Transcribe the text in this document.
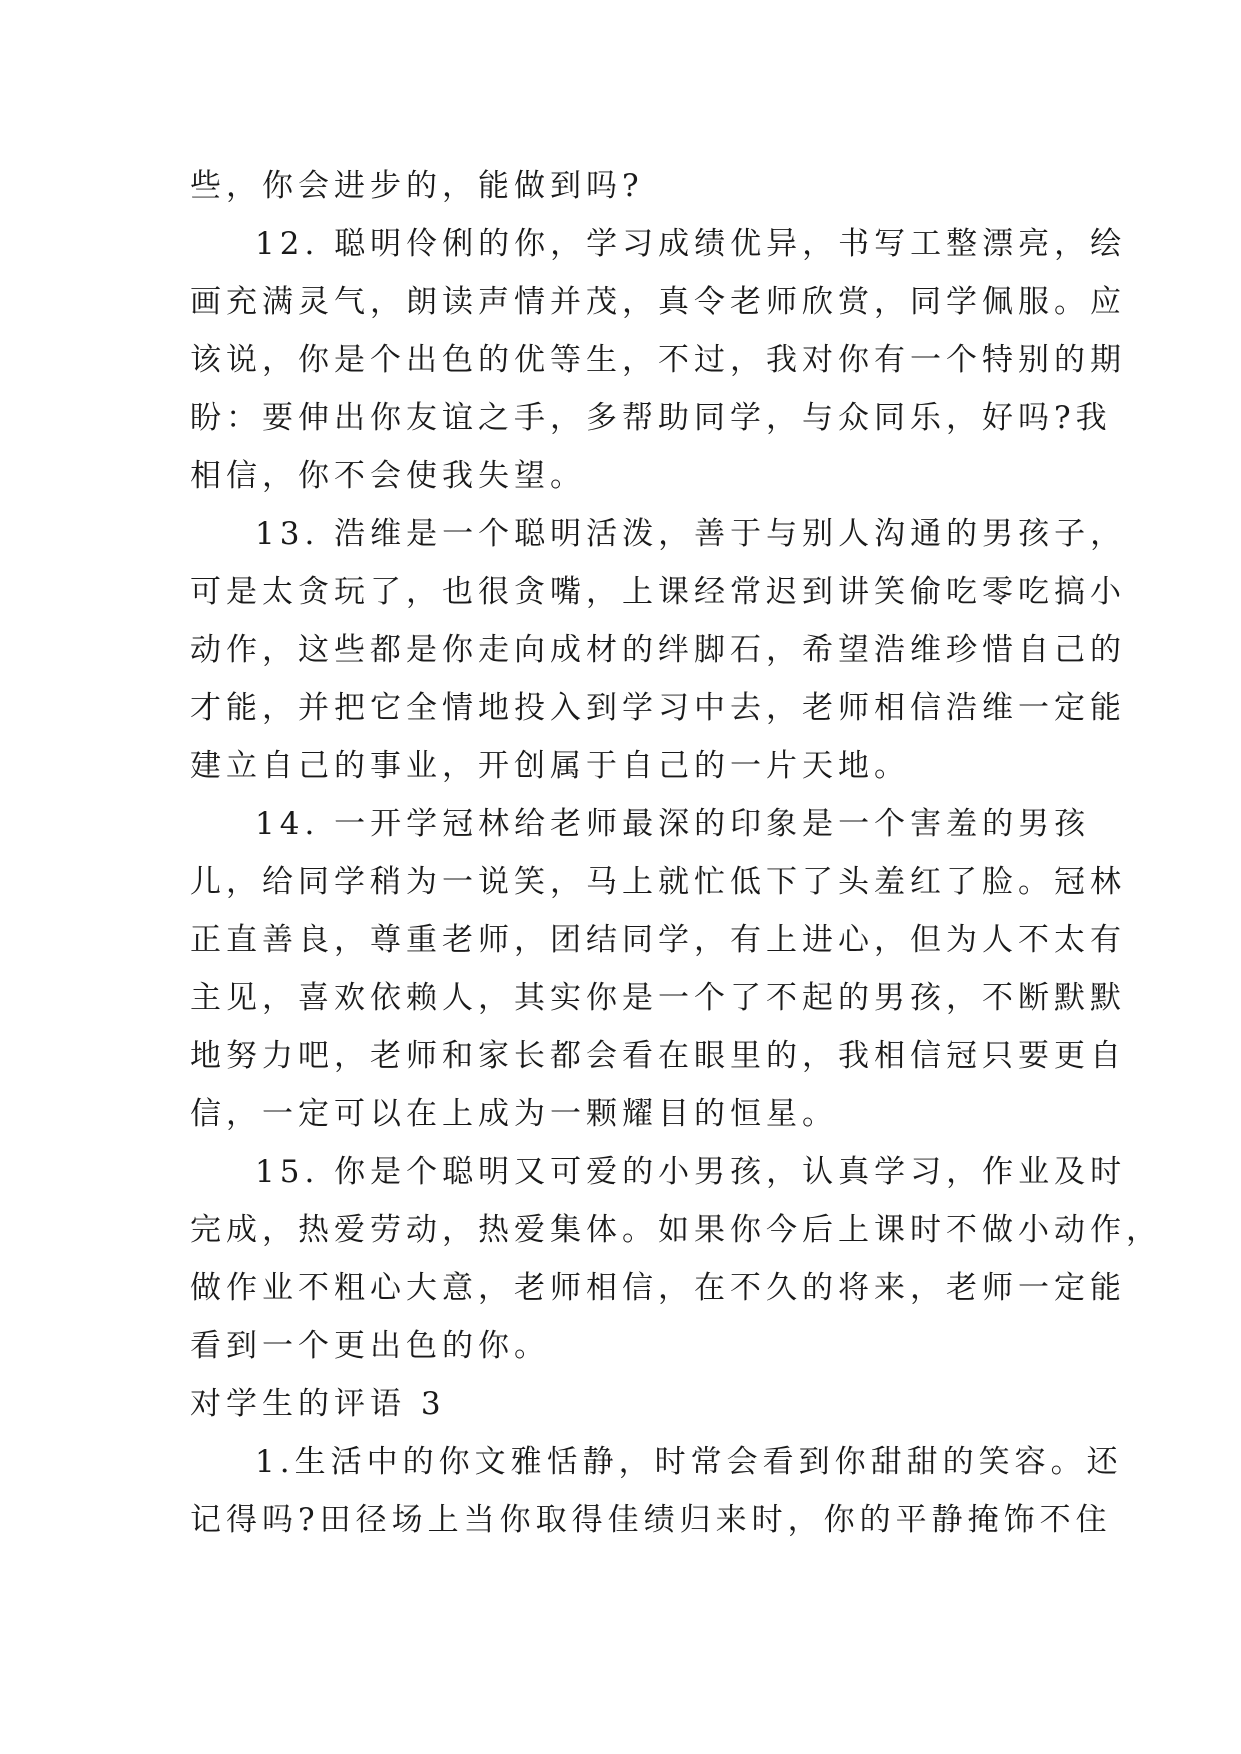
些，你会进步的，能做到吗?
12. 聪明伶俐的你，学习成绩优异，书写工整漂亮，绘
画充满灵气，朗读声情并茂，真令老师欣赏，同学佩服。应
该说，你是个出色的优等生，不过，我对你有一个特别的期
盼：要伸出你友谊之手，多帮助同学，与众同乐，好吗?我
相信，你不会使我失望。
13. 浩维是一个聪明活泼，善于与别人沟通的男孩子，
可是太贪玩了，也很贪嘴，上课经常迟到讲笑偷吃零吃搞小
动作，这些都是你走向成材的绊脚石，希望浩维珍惜自己的
才能，并把它全情地投入到学习中去，老师相信浩维一定能
建立自己的事业，开创属于自己的一片天地。
14. 一开学冠林给老师最深的印象是一个害羞的男孩
儿，给同学稍为一说笑，马上就忙低下了头羞红了脸。冠林
正直善良，尊重老师，团结同学，有上进心，但为人不太有
主见，喜欢依赖人，其实你是一个了不起的男孩，不断默默
地努力吧，老师和家长都会看在眼里的，我相信冠只要更自
信，一定可以在上成为一颗耀目的恒星。
15. 你是个聪明又可爱的小男孩，认真学习，作业及时
完成，热爱劳动，热爱集体。如果你今后上课时不做小动作，
做作业不粗心大意，老师相信，在不久的将来，老师一定能
看到一个更出色的你。
对学生的评语 3
1.生活中的你文雅恬静，时常会看到你甜甜的笑容。还
记得吗?田径场上当你取得佳绩归来时，你的平静掩饰不住
